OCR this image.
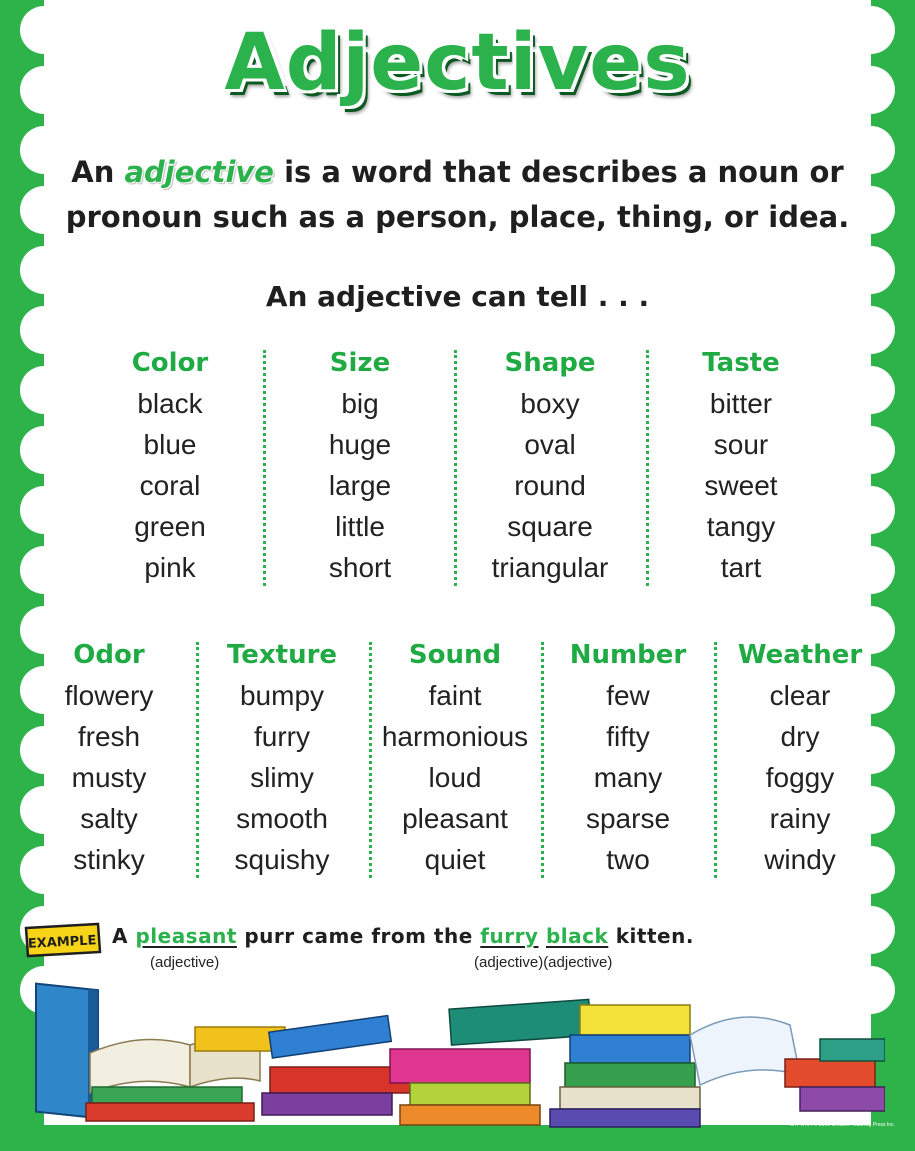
Adjectives
An adjective is a word that describes a noun or pronoun such as a person, place, thing, or idea.
An adjective can tell . . .
Color
black
blue
coral
green
pink
Size
big
huge
large
little
short
Shape
boxy
oval
round
square
triangular
Taste
bitter
sour
sweet
tangy
tart
Odor
flowery
fresh
musty
salty
stinky
Texture
bumpy
furry
slimy
smooth
squishy
Sound
faint
harmonious
loud
pleasant
quiet
Number
few
fifty
many
sparse
two
Weather
clear
dry
foggy
rainy
windy
EXAMPLE A pleasant purr came from the furry black kitten.
(adjective)	(adjective)(adjective)
CTP 5704 © 2006 Creative Teaching Press Inc.
